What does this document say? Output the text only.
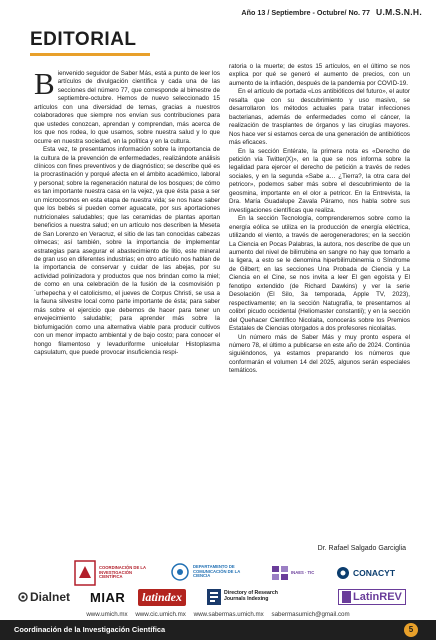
Año 13 / Septiembre - Octubre/ No. 77 U.M.S.N.H.
EDITORIAL

B ienvenido seguidor de Saber Más, está a punto de leer los artículos de divulgación científica y cada una de las secciones del número 77, que corresponde al bimestre de septiembre-octubre. Hemos de nuevo seleccionado 15 artículos con una diversidad de temas, gracias a nuestros colaboradores que siempre nos envían sus contribuciones para que ustedes conozcan, aprendan y comprendan, más acerca de los que nos rodea, lo que usamos, sobre nuestra salud y lo que ocurre en nuestra sociedad, en la política y en la cultura.

Esta vez, te presentamos información sobre la importancia de la cultura de la prevención de enfermedades, realizándote análisis clínicos con fines preventivos y de diagnóstico; se describe qué es la procrastinación y porqué afecta en el ámbito académico, laboral y personal; sobre la regeneración natural de los bosques; de cómo es tan importante nuestra casa en la vejez, ya que ésta pasa a ser un microcosmos en esta etapa de nuestra vida; se nos hace saber que los bebés si pueden comer aguacate, por sus aportaciones nutricionales saludables; que las ceramidas de plantas aportan beneficios a nuestra salud; en un artículo nos describen la Meseta de San Lorenzo en Veracruz, el sitio de las tan conocidas cabezas olmecas; así también, sobre la importancia de implementar estrategias para asegurar el abastecimiento de litio, este mineral de gran uso en diferentes industrias; en otro artículo nos hablan de la importancia de conservar y cuidar de las abejas, por su actividad polinizadora y productos que nos brindan como la miel; de como en una celebración de la fusión de la cosmovisión p´urhepecha y el catolicismo, el jueves de Corpus Christi, se usa a la fauna silvestre local como parte importante de ésta; para saber más sobre el ejercicio que debemos de hacer para tener un envejecimiento saludable; para aprender más sobre la biofumigación como una alternativa viable para producir cultivos con un menor impacto ambiental y de bajo costo; para conocer el hongo filamentoso y levaduriforme unicelular Histoplasma capsulatum, que puede provocar insuficiencia respi-

ratoria o la muerte; de estos 15 artículos, en el último se nos explica por qué se generó el aumento de precios, con un aumento de la inflación, después de la pandemia por COVID-19.

En el artículo de portada «Los antibióticos del futuro», el autor resalta que con su descubrimiento y uso masivo, se desarrollaron los métodos actuales para tratar infecciones bacterianas, además de enfermedades como el cáncer, la realización de trasplantes de órganos y las cirugías mayores. Nos hace ver si estamos cerca de una generación de antibióticos más eficaces.

En la sección Entérate, la primera nota es «Derecho de petición vía Twitter(X)», en la que se nos informa sobre la legalidad para ejercer el derecho de petición a través de redes sociales, y en la segunda «Sabe a… ¿Tierra?, la otra cara del petricor», podemos saber más sobre el descubrimiento de la geosmina, importante en el olor a petricor. En la Entrevista, la Dra. María Guadalupe Zavala Páramo, nos habla sobre sus investigaciones científicas que realiza.

En la sección Tecnología, comprenderemos sobre como la energía eólica se utiliza en la producción de energía eléctrica, utilizando el viento, a través de aerogeneradores; en la sección La Ciencia en Pocas Palabras, la autora, nos describe de que un aumento del nivel de bilirrubina en sangre no hay que tomarlo a la ligera, a esto se le denomina hiperbilirrubinemia o Síndrome de Gilbert; en las secciones Una Probada de Ciencia y La Ciencia en el Cine, se nos invita a leer El gen egoísta y El fenotipo extendido (de Richard Dawkins) y ver la serie Desolación (El Silo, 3a temporada, Apple TV, 2023), respectivamente; en la sección Natugrafía, te presentamos al colibrí picudo occidental (Heliomaster constantii); y en la sección del Quehacer Científico Nicolaita, conocerás sobre los Premios Estatales de Ciencias otorgados a dos profesores nicolaitas.

Un número más de Saber Más y muy pronto espera el número 78, el último a publicarse en este año de 2024. Continúa siguiéndonos, ya estamos preparando los números que conformarán el volumen 14 del 2025, algunos serán especiales temáticos.

Dr. Rafael Salgado Garciglia
COORDINACIÓN DE LA INVESTIGACIÓN CIENTÍFICA
DEPARTAMENTO DE COMUNICACIÓN DE LA CIENCIA
INAES · TIC	CONACYT
Dialnet MIAR latindex	Directory of Research Journals Indexing	LatinREV
www.umich.mx www.cic.umich.mx www.sabermas.umich.mx sabermasumich@gmail.com
Coordinación de la Investigación Científica	5
